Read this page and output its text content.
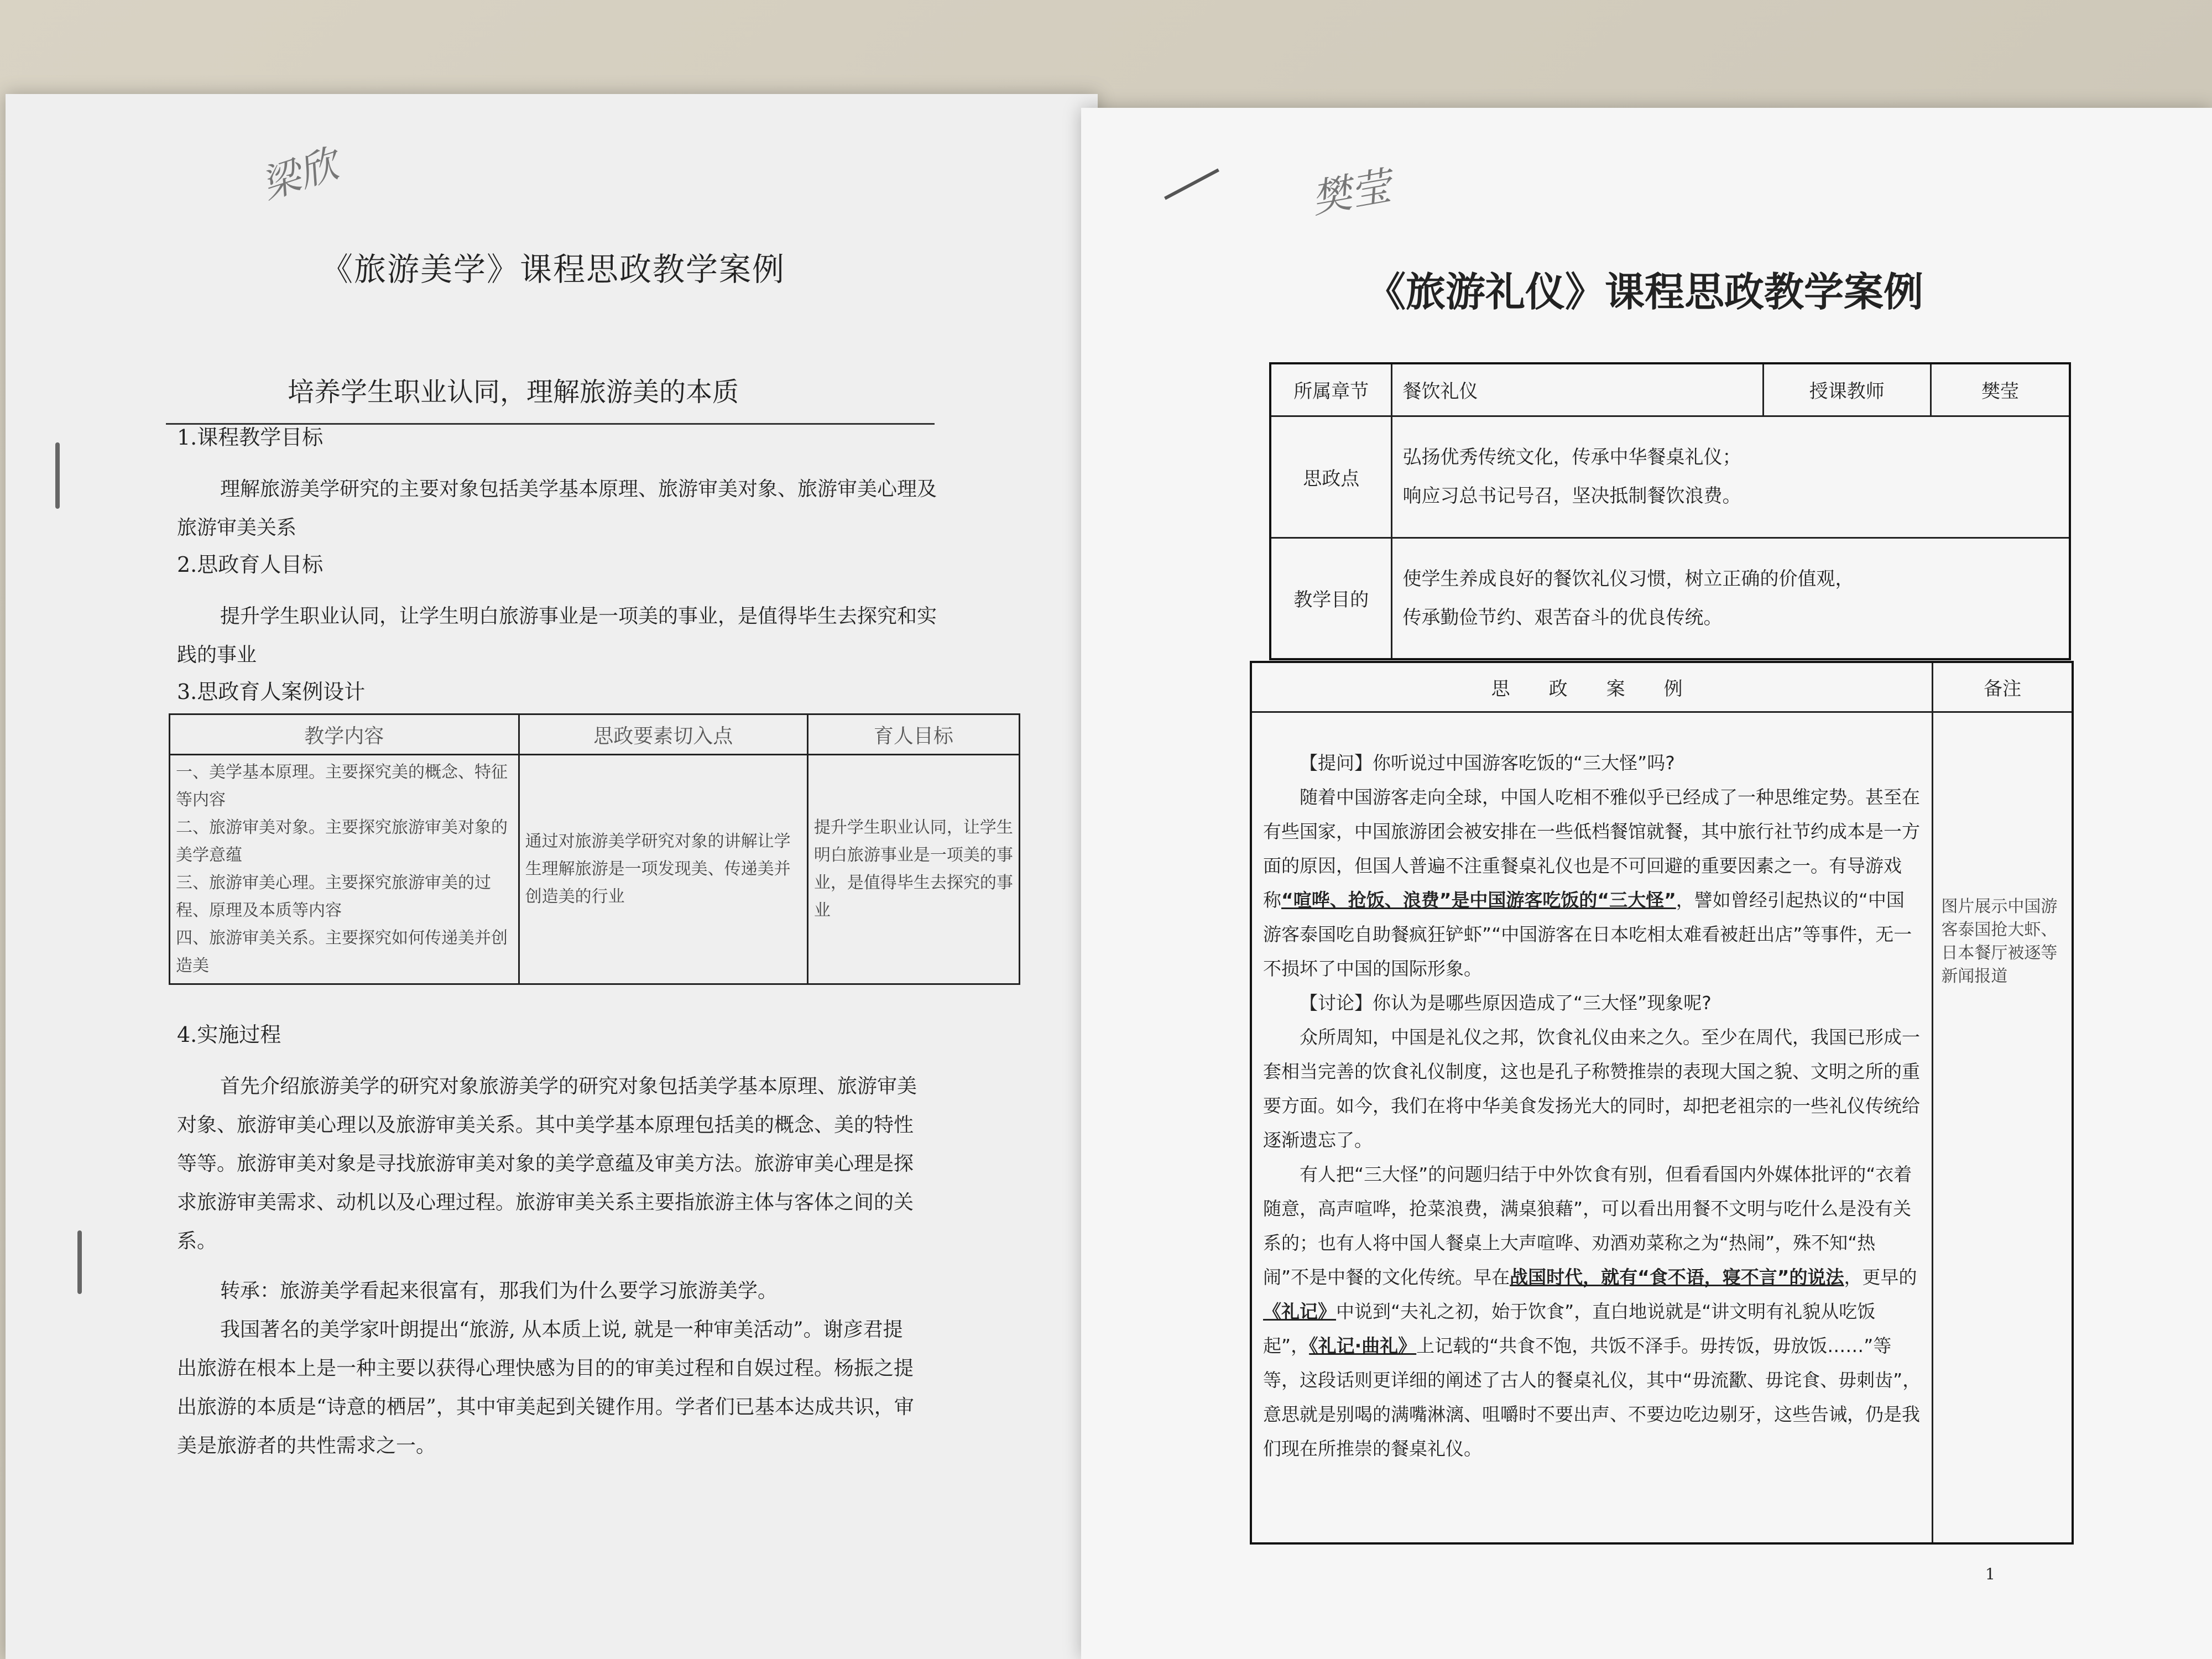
梁欣
《旅游美学》课程思政教学案例
培养学生职业认同，理解旅游美的本质
1.课程教学目标
理解旅游美学研究的主要对象包括美学基本原理、旅游审美对象、旅游审美心理及旅游审美关系
2.思政育人目标
提升学生职业认同，让学生明白旅游事业是一项美的事业，是值得毕生去探究和实践的事业
3.思政育人案例设计
教学内容	思政要素切入点	育人目标

一、美学基本原理。主要探究美的概念、特征等内容
二、旅游审美对象。主要探究旅游审美对象的美学意蕴
三、旅游审美心理。主要探究旅游审美的过程、原理及本质等内容
四、旅游审美关系。主要探究如何传递美并创造美	通过对旅游美学研究对象的讲解让学生理解旅游是一项发现美、传递美并创造美的行业	提升学生职业认同，让学生明白旅游事业是一项美的事业，是值得毕生去探究的事业
4.实施过程
首先介绍旅游美学的研究对象旅游美学的研究对象包括美学基本原理、旅游审美对象、旅游审美心理以及旅游审美关系。其中美学基本原理包括美的概念、美的特性等等。旅游审美对象是寻找旅游审美对象的美学意蕴及审美方法。旅游审美心理是探求旅游审美需求、动机以及心理过程。旅游审美关系主要指旅游主体与客体之间的关系。
转承：旅游美学看起来很富有，那我们为什么要学习旅游美学。
我国著名的美学家叶朗提出“旅游, 从本质上说, 就是一种审美活动”。谢彦君提出旅游在根本上是一种主要以获得心理快感为目的的审美过程和自娱过程。杨振之提出旅游的本质是“诗意的栖居”，其中审美起到关键作用。学者们已基本达成共识，审美是旅游者的共性需求之一。
樊莹
《旅游礼仪》课程思政教学案例
所属章节	餐饮礼仪	授课教师	樊莹
思政点	弘扬优秀传统文化，传承中华餐桌礼仪；
响应习总书记号召，坚决抵制餐饮浪费。		

教学目的	使学生养成良好的餐饮礼仪习惯，树立正确的价值观，
传承勤俭节约、艰苦奋斗的优良传统。		
思　政　案　例	备注

【提问】你听说过中国游客吃饭的“三大怪”吗?
随着中国游客走向全球，中国人吃相不雅似乎已经成了一种思维定势。甚至在有些国家，中国旅游团会被安排在一些低档餐馆就餐，其中旅行社节约成本是一方面的原因，但国人普遍不注重餐桌礼仪也是不可回避的重要因素之一。有导游戏称“喧哗、抢饭、浪费”是中国游客吃饭的“三大怪”，譬如曾经引起热议的“中国游客泰国吃自助餐疯狂铲虾”“中国游客在日本吃相太难看被赶出店”等事件，无一不损坏了中国的国际形象。
【讨论】你认为是哪些原因造成了“三大怪”现象呢?
众所周知，中国是礼仪之邦，饮食礼仪由来之久。至少在周代，我国已形成一套相当完善的饮食礼仪制度，这也是孔子称赞推崇的表现大国之貌、文明之所的重要方面。如今，我们在将中华美食发扬光大的同时，却把老祖宗的一些礼仪传统给逐渐遗忘了。
有人把“三大怪”的问题归结于中外饮食有别，但看看国内外媒体批评的“衣着随意，高声喧哗，抢菜浪费，满桌狼藉”，可以看出用餐不文明与吃什么是没有关系的；也有人将中国人餐桌上大声喧哗、劝酒劝菜称之为“热闹”，殊不知“热闹”不是中餐的文化传统。早在战国时代，就有“食不语，寝不言”的说法，更早的《礼记》中说到“夫礼之初，始于饮食”，直白地说就是“讲文明有礼貌从吃饭起”，《礼记·曲礼》上记载的“共食不饱，共饭不泽手。毋抟饭，毋放饭……”等等，这段话则更详细的阐述了古人的餐桌礼仪，其中“毋流歠、毋诧食、毋刺齿”，意思就是别喝的满嘴淋漓、咀嚼时不要出声、不要边吃边剔牙，这些告诫，仍是我们现在所推崇的餐桌礼仪。	图片展示中国游客泰国抢大虾、日本餐厅被逐等新闻报道
1
